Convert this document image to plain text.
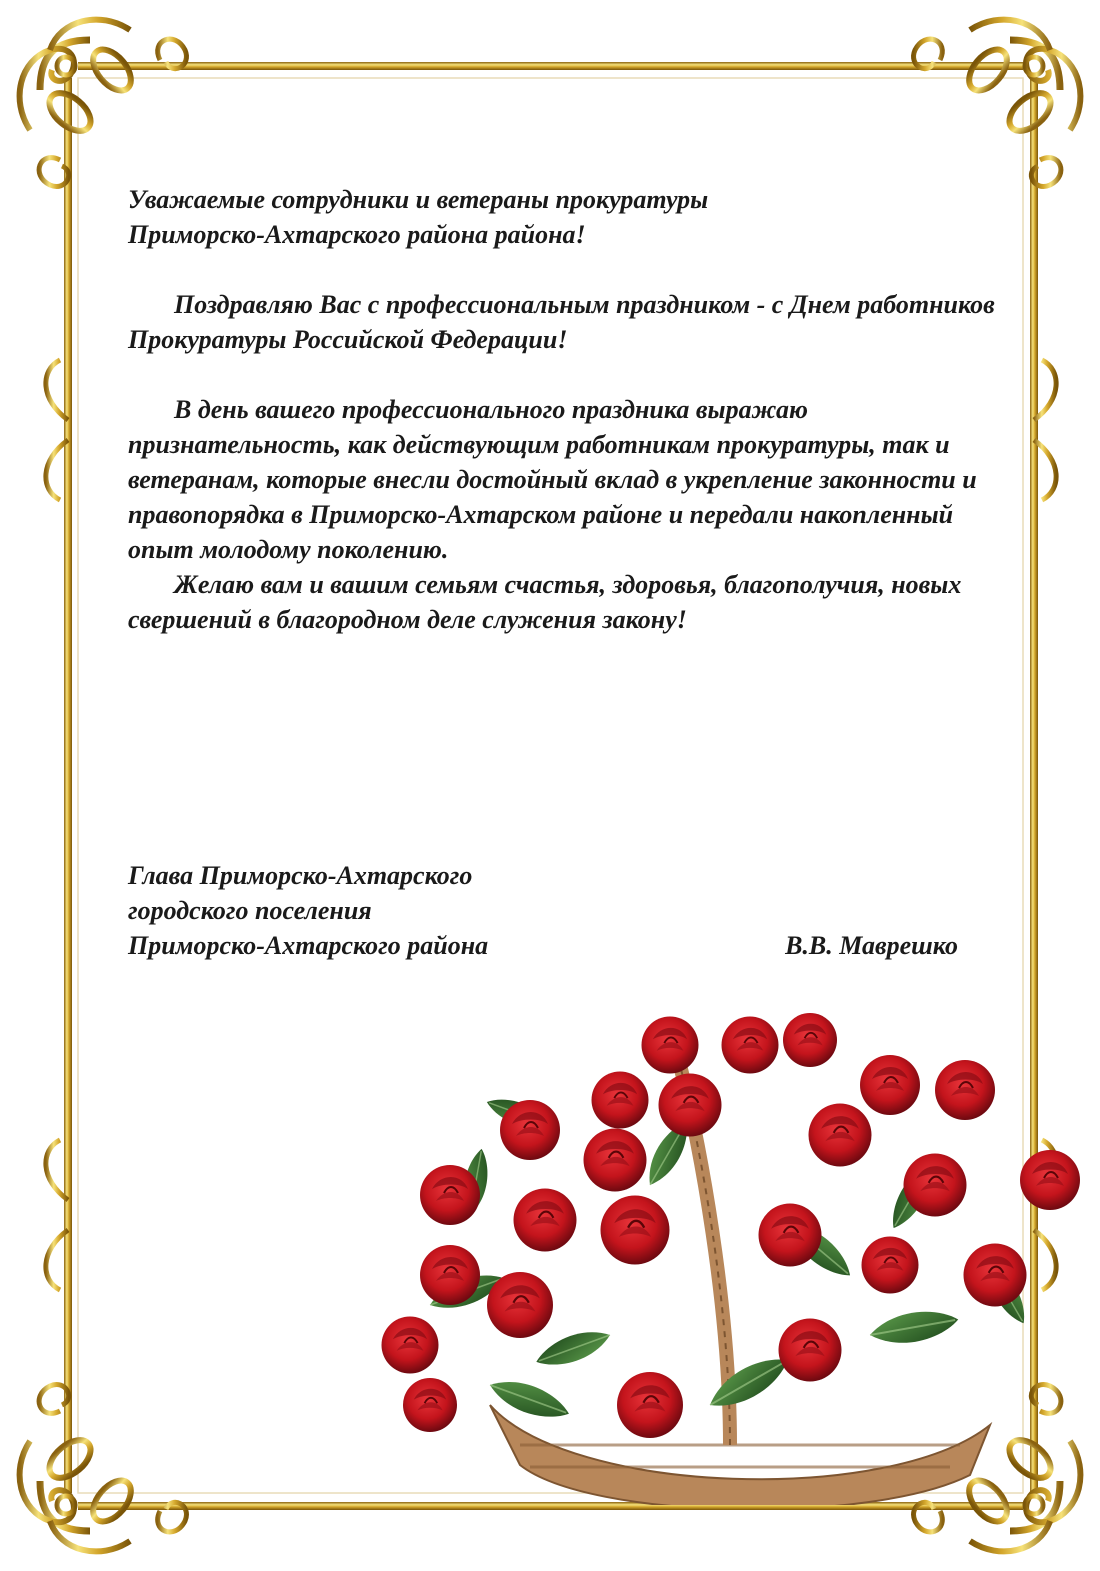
Уважаемые сотрудники и ветераны прокуратуры

Приморско-Ахтарского района района!

Поздравляю Вас с профессиональным праздником - с Днем работников Прокуратуры Российской Федерации!

В день вашего профессионального праздника выражаю признательность, как действующим работникам прокуратуры, так и ветеранам, которые внесли достойный вклад в укрепление законности и правопорядка в Приморско-Ахтарском районе и передали накопленный опыт молодому поколению.

Желаю вам и вашим семьям счастья, здоровья, благополучия, новых свершений в благородном деле служения закону!

Глава Приморско-Ахтарского
городского поселения
Приморско-Ахтарского района	В.В. Маврешко
